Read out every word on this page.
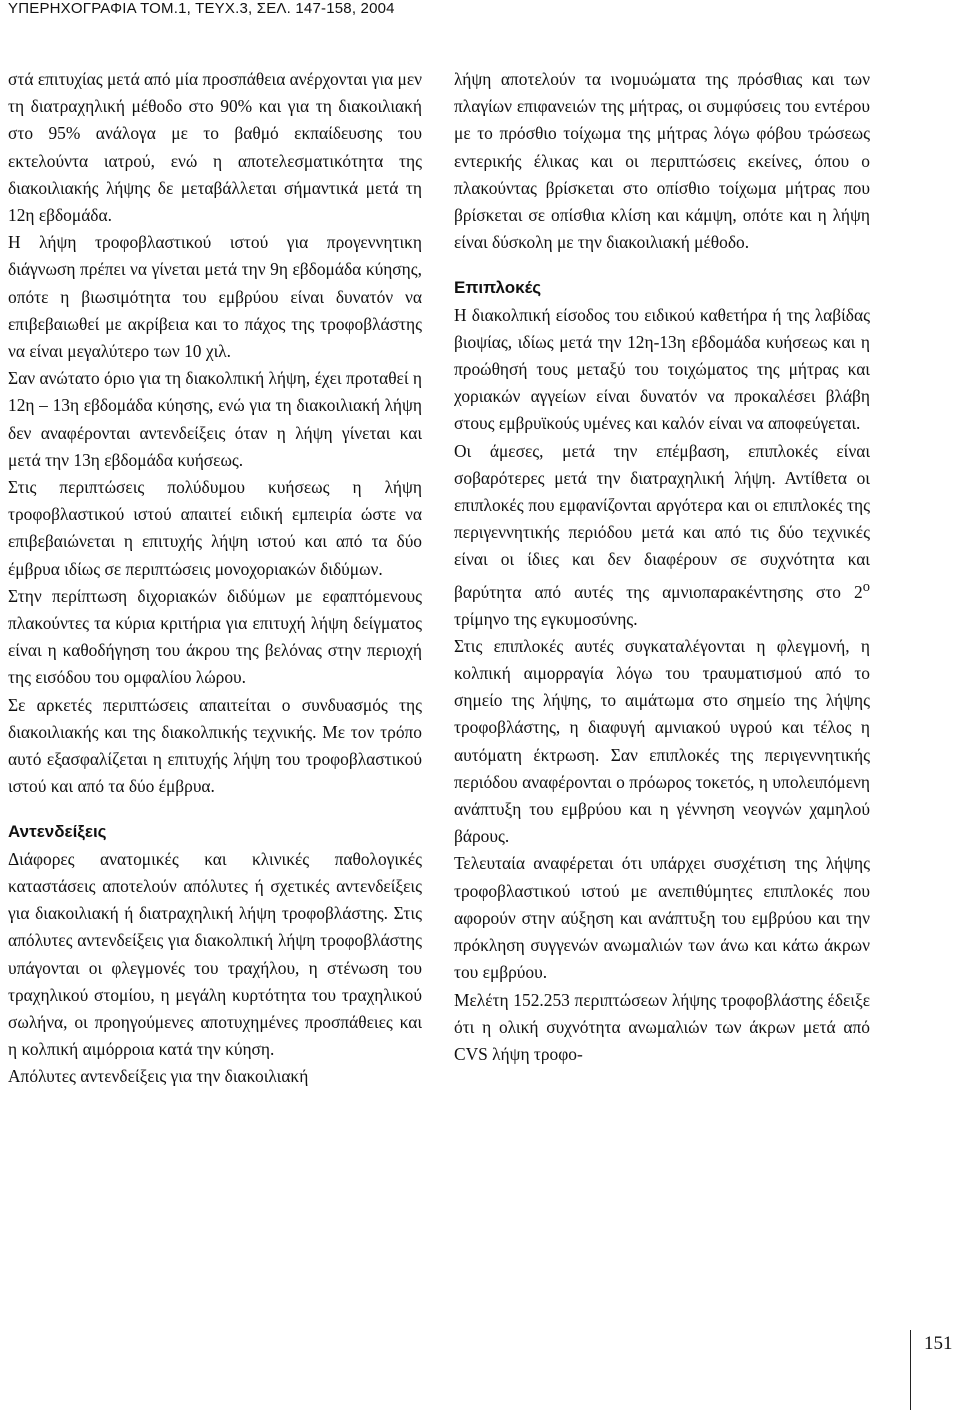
ΥΠΕΡΗΧΟΓΡΑΦΙΑ ΤΟΜ.1, ΤΕΥΧ.3, ΣΕΛ. 147-158, 2004

στά επιτυχίας μετά από μία προσπάθεια ανέρχονται για μεν τη διατραχηλική μέθοδο στο 90% και για τη διακοιλιακή στο 95% ανάλογα με το βαθμό εκπαίδευσης του εκτελούντα ιατρού, ενώ η αποτελεσματικότητα της διακοιλιακής λήψης δε μεταβάλλεται σήμαντικά μετά τη 12η εβδομάδα.

Η λήψη τροφοβλαστικού ιστού για προγεννητικη διάγνωση πρέπει να γίνεται μετά την 9η εβδομάδα κύησης, οπότε η βιωσιμότητα του εμβρύου είναι δυνατόν να επιβεβαιωθεί με ακρίβεια και το πάχος της τροφοβλάστης να είναι μεγαλύτερο των 10 χιλ.

Σαν ανώτατο όριο για τη διακολπική λήψη, έχει προταθεί η 12η – 13η εβδομάδα κύησης, ενώ για τη διακοιλιακή λήψη δεν αναφέρονται αντενδείξεις όταν η λήψη γίνεται και μετά την 13η εβδομάδα κυήσεως.

Στις περιπτώσεις πολύδυμου κυήσεως η λήψη τροφοβλαστικού ιστού απαιτεί ειδική εμπειρία ώστε να επιβεβαιώνεται η επιτυχής λήψη ιστού και από τα δύο έμβρυα ιδίως σε περιπτώσεις μονοχοριακών διδύμων.

Στην περίπτωση διχοριακών διδύμων με εφαπτόμενους πλακούντες τα κύρια κριτήρια για επιτυχή λήψη δείγματος είναι η καθοδήγηση του άκρου της βελόνας στην περιοχή της εισόδου του ομφαλίου λώρου.

Σε αρκετές περιπτώσεις απαιτείται ο συνδυασμός της διακοιλιακής και της διακολπικής τεχνικής. Με τον τρόπο αυτό εξασφαλίζεται η επιτυχής λήψη του τροφοβλαστικού ιστού και από τα δύο έμβρυα.

Αντενδείξεις

Διάφορες ανατομικές και κλινικές παθολογικές καταστάσεις αποτελούν απόλυτες ή σχετικές αντενδείξεις για διακοιλιακή ή διατραχηλική λήψη τροφοβλάστης. Στις απόλυτες αντενδείξεις για διακολπική λήψη τροφοβλάστης υπάγονται οι φλεγμονές του τραχήλου, η στένωση του τραχηλικού στομίου, η μεγάλη κυρτότητα του τραχηλικού σωλήνα, οι προηγούμενες αποτυχημένες προσπάθειες και η κολπική αιμόρροια κατά την κύηση.

Απόλυτες αντενδείξεις για την διακοιλιακή

λήψη αποτελούν τα ινομυώματα της πρόσθιας και των πλαγίων επιφανειών της μήτρας, οι συμφύσεις του εντέρου με το πρόσθιο τοίχωμα της μήτρας λόγω φόβου τρώσεως εντερικής έλικας και οι περιπτώσεις εκείνες, όπου ο πλακούντας βρίσκεται στο οπίσθιο τοίχωμα μήτρας που βρίσκεται σε οπίσθια κλίση και κάμψη, οπότε και η λήψη είναι δύσκολη με την διακοιλιακή μέθοδο.

Επιπλοκές

Η διακολπική είσοδος του ειδικού καθετήρα ή της λαβίδας βιοψίας, ιδίως μετά την 12η-13η εβδομάδα κυήσεως και η προώθησή τους μεταξύ του τοιχώματος της μήτρας και χοριακών αγγείων είναι δυνατόν να προκαλέσει βλάβη στους εμβρυϊκούς υμένες και καλόν είναι να αποφεύγεται.

Οι άμεσες, μετά την επέμβαση, επιπλοκές είναι σοβαρότερες μετά την διατραχηλική λήψη. Αντίθετα οι επιπλοκές που εμφανίζονται αργότερα και οι επιπλοκές της περιγεννητικής περιόδου μετά και από τις δύο τεχνικές είναι οι ίδιες και δεν διαφέρουν σε συχνότητα και βαρύτητα από αυτές της αμνιοπαρακέντησης στο $2^o$ τρίμηνο της εγκυμοσύνης.

Στις επιπλοκές αυτές συγκαταλέγονται η φλεγμονή, η κολπική αιμορραγία λόγω του τραυματισμού από το σημείο της λήψης, το αιμάτωμα στο σημείο της λήψης τροφοβλάστης, η διαφυγή αμνιακού υγρού και τέλος η αυτόματη έκτρωση. Σαν επιπλοκές της περιγεννητικής περιόδου αναφέρονται ο πρόωρος τοκετός, η υπολειπόμενη ανάπτυξη του εμβρύου και η γέννηση νεογνών χαμηλού βάρους.

Τελευταία αναφέρεται ότι υπάρχει συσχέτιση της λήψης τροφοβλαστικού ιστού με ανεπιθύμητες επιπλοκές που αφορούν στην αύξηση και ανάπτυξη του εμβρύου και την πρόκληση συγγενών ανωμαλιών των άνω και κάτω άκρων του εμβρύου.

Μελέτη 152.253 περιπτώσεων λήψης τροφοβλάστης έδειξε ότι η ολική συχνότητα ανωμαλιών των άκρων μετά από CVS λήψη τροφο-

151
